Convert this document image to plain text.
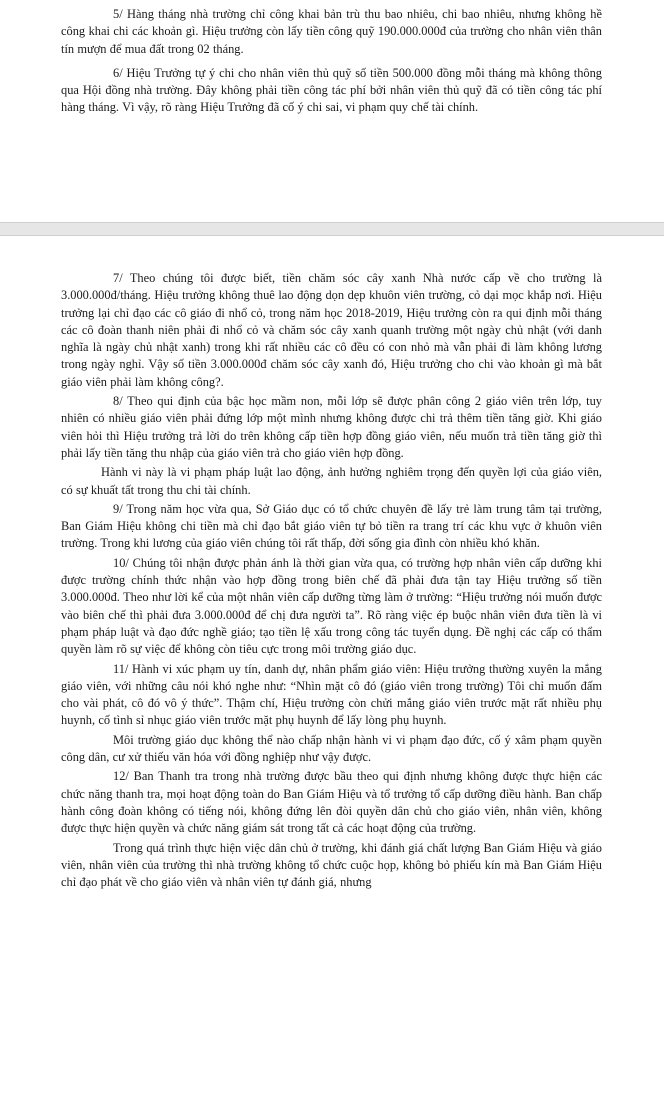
5/ Hàng tháng nhà trường chỉ công khai bản trù thu bao nhiêu, chi bao nhiêu, nhưng không hề công khai chi các khoản gì. Hiệu trưởng còn lấy tiền công quỹ 190.000.000đ của trường cho nhân viên thân tín mượn để mua đất trong 02 tháng.

6/ Hiệu Trưởng tự ý chi cho nhân viên thủ quỹ số tiền 500.000 đồng mỗi tháng mà không thông qua Hội đồng nhà trường. Đây không phải tiền công tác phí bởi nhân viên thủ quỹ đã có tiền công tác phí hàng tháng. Vì vậy, rõ ràng Hiệu Trưởng đã cố ý chi sai, vi phạm quy chế tài chính.

7/ Theo chúng tôi được biết, tiền chăm sóc cây xanh Nhà nước cấp về cho trường là 3.000.000đ/tháng. Hiệu trưởng không thuê lao động dọn dẹp khuôn viên trường, cỏ dại mọc khắp nơi. Hiệu trưởng lại chỉ đạo các cô giáo đi nhổ cỏ, trong năm học 2018-2019, Hiệu trưởng còn ra qui định mỗi tháng các cô đoàn thanh niên phải đi nhổ cỏ và chăm sóc cây xanh quanh trường một ngày chủ nhật (với danh nghĩa là ngày chủ nhật xanh) trong khi rất nhiều các cô đều có con nhỏ mà vẫn phải đi làm không lương trong ngày nghỉ. Vậy số tiền 3.000.000đ chăm sóc cây xanh đó, Hiệu trưởng cho chi vào khoản gì mà bắt giáo viên phải làm không công?.

8/ Theo qui định của bậc học mầm non, mỗi lớp sẽ được phân công 2 giáo viên trên lớp, tuy nhiên có nhiều giáo viên phải đứng lớp một mình nhưng không được chi trả thêm tiền tăng giờ. Khi giáo viên hỏi thì Hiệu trưởng trả lời do trên không cấp tiền hợp đồng giáo viên, nếu muốn trả tiền tăng giờ thì phải lấy tiền tăng thu nhập của giáo viên trả cho giáo viên hợp đồng.

Hành vi này là vi phạm pháp luật lao động, ảnh hưởng nghiêm trọng đến quyền lợi của giáo viên, có sự khuất tất trong thu chi tài chính.

9/ Trong năm học vừa qua, Sở Giáo dục có tổ chức chuyên đề lấy trẻ làm trung tâm tại trường, Ban Giám Hiệu không chi tiền mà chỉ đạo bắt giáo viên tự bỏ tiền ra trang trí các khu vực ở khuôn viên trường. Trong khi lương của giáo viên chúng tôi rất thấp, đời sống gia đình còn nhiều khó khăn.

10/ Chúng tôi nhận được phản ánh là thời gian vừa qua, có trường hợp nhân viên cấp dưỡng khi được trường chính thức nhận vào hợp đồng trong biên chế đã phải đưa tận tay Hiệu trưởng số tiền 3.000.000đ. Theo như lời kể của một nhân viên cấp dưỡng từng làm ở trường: “Hiệu trưởng nói muốn được vào biên chế thì phải đưa 3.000.000đ để chị đưa người ta”. Rõ ràng việc ép buộc nhân viên đưa tiền là vi phạm pháp luật và đạo đức nghề giáo; tạo tiền lệ xấu trong công tác tuyển dụng. Đề nghị các cấp có thẩm quyền làm rõ sự việc để không còn tiêu cực trong môi trường giáo dục.

11/ Hành vi xúc phạm uy tín, danh dự, nhân phẩm giáo viên: Hiệu trưởng thường xuyên la mắng giáo viên, với những câu nói khó nghe như: “Nhìn mặt cô đó (giáo viên trong trường) Tôi chỉ muốn đấm cho vài phát, cô đó vô ý thức”. Thậm chí, Hiệu trưởng còn chửi mắng giáo viên trước mặt rất nhiều phụ huynh, cố tình sỉ nhục giáo viên trước mặt phụ huynh để lấy lòng phụ huynh.

Môi trường giáo dục không thể nào chấp nhận hành vi vi phạm đạo đức, cố ý xâm phạm quyền công dân, cư xử thiếu văn hóa với đồng nghiệp như vậy được.

12/ Ban Thanh tra trong nhà trường được bầu theo qui định nhưng không được thực hiện các chức năng thanh tra, mọi hoạt động toàn do Ban Giám Hiệu và tổ trưởng tổ cấp dưỡng điều hành. Ban chấp hành công đoàn không có tiếng nói, không đứng lên đòi quyền dân chủ cho giáo viên, nhân viên, không được thực hiện quyền và chức năng giám sát trong tất cả các hoạt động của trường.

Trong quá trình thực hiện việc dân chủ ở trường, khi đánh giá chất lượng Ban Giám Hiệu và giáo viên, nhân viên của trường thì nhà trường không tổ chức cuộc họp, không bỏ phiếu kín mà Ban Giám Hiệu chỉ đạo phát về cho giáo viên và nhân viên tự đánh giá, nhưng
